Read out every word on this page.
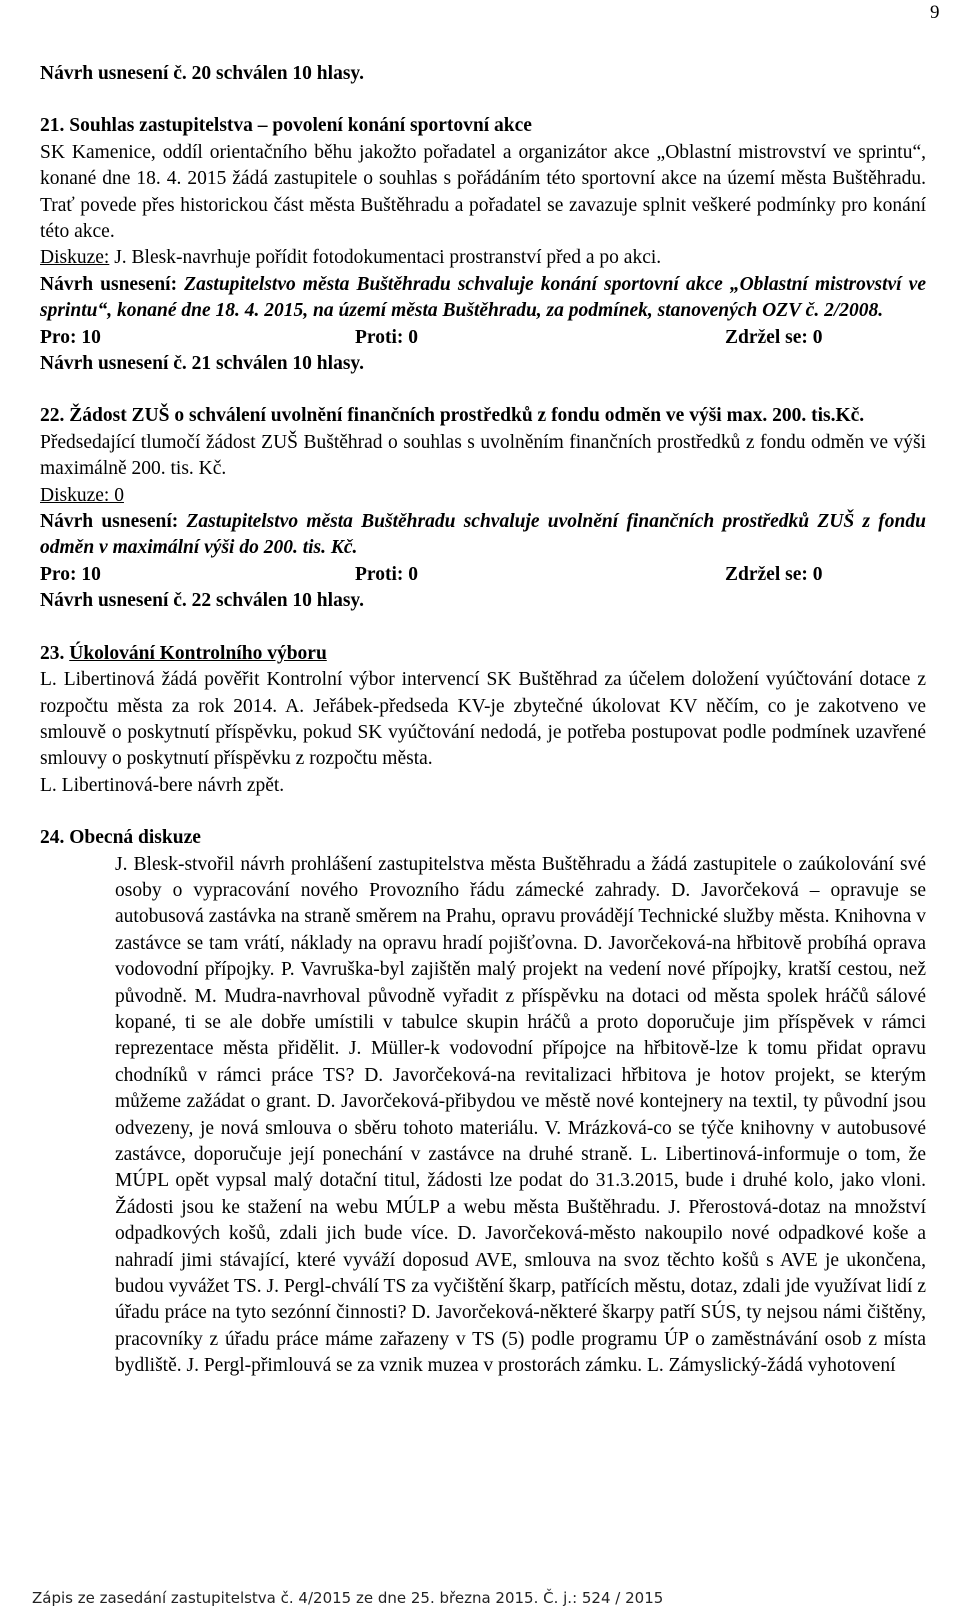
9

Návrh usnesení č. 20 schválen 10 hlasy.

21. Souhlas zastupitelstva – povolení konání sportovní akce

SK Kamenice, oddíl orientačního běhu jakožto pořadatel a organizátor akce „Oblastní mistrovství ve sprintu“, konané dne 18. 4. 2015 žádá zastupitele o souhlas s pořádáním této sportovní akce na území města Buštěhradu. Trať povede přes historickou část města Buštěhradu a pořadatel se zavazuje splnit veškeré podmínky pro konání této akce.

Diskuze: J. Blesk-navrhuje pořídit fotodokumentaci prostranství před a po akci.

Návrh usnesení: Zastupitelstvo města Buštěhradu schvaluje konání sportovní akce „Oblastní mistrovství ve sprintu“, konané dne 18. 4. 2015, na území města Buštěhradu, za podmínek, stanovených OZV č. 2/2008.

Pro: 10	Proti: 0	Zdržel se: 0

Návrh usnesení č. 21 schválen 10 hlasy.

22. Žádost ZUŠ o schválení uvolnění finančních prostředků z fondu odměn ve výši max. 200. tis.Kč.

Předsedající tlumočí žádost ZUŠ Buštěhrad o souhlas s uvolněním finančních prostředků z fondu odměn ve výši maximálně 200. tis. Kč.

Diskuze: 0

Návrh usnesení: Zastupitelstvo města Buštěhradu schvaluje uvolnění finančních prostředků ZUŠ z fondu odměn v maximální výši do 200. tis. Kč.

Pro: 10	Proti: 0	Zdržel se: 0

Návrh usnesení č. 22 schválen 10 hlasy.

23. Úkolování Kontrolního výboru

L. Libertinová žádá pověřit Kontrolní výbor intervencí SK Buštěhrad za účelem doložení vyúčtování dotace z rozpočtu města za rok 2014. A. Jeřábek-předseda KV-je zbytečné úkolovat KV něčím, co je zakotveno ve smlouvě o poskytnutí příspěvku, pokud SK vyúčtování nedodá, je potřeba postupovat podle podmínek uzavřené smlouvy o poskytnutí příspěvku z rozpočtu města.

L. Libertinová-bere návrh zpět.

24. Obecná diskuze

J. Blesk-stvořil návrh prohlášení zastupitelstva města Buštěhradu a žádá zastupitele o zaúkolování své osoby o vypracování nového Provozního řádu zámecké zahrady. D. Javorčeková – opravuje se autobusová zastávka na straně směrem na Prahu, opravu provádějí Technické služby města. Knihovna v zastávce se tam vrátí, náklady na opravu hradí pojišťovna. D. Javorčeková-na hřbitově probíhá oprava vodovodní přípojky. P. Vavruška-byl zajištěn malý projekt na vedení nové přípojky, kratší cestou, než původně. M. Mudra-navrhoval původně vyřadit z příspěvku na dotaci od města spolek hráčů sálové kopané, ti se ale dobře umístili v tabulce skupin hráčů a proto doporučuje jim příspěvek v rámci reprezentace města přidělit. J. Müller-k vodovodní přípojce na hřbitově-lze k tomu přidat opravu chodníků v rámci práce TS? D. Javorčeková-na revitalizaci hřbitova je hotov projekt, se kterým můžeme zažádat o grant. D. Javorčeková-přibydou ve městě nové kontejnery na textil, ty původní jsou odvezeny, je nová smlouva o sběru tohoto materiálu. V. Mrázková-co se týče knihovny v autobusové zastávce, doporučuje její ponechání v zastávce na druhé straně. L. Libertinová-informuje o tom, že MÚPL opět vypsal malý dotační titul, žádosti lze podat do 31.3.2015, bude i druhé kolo, jako vloni. Žádosti jsou ke stažení na webu MÚLP a webu města Buštěhradu. J. Přerostová-dotaz na množství odpadkových košů, zdali jich bude více. D. Javorčeková-město nakoupilo nové odpadkové koše a nahradí jimi stávající, které vyváží doposud AVE, smlouva na svoz těchto košů s AVE je ukončena, budou vyvážet TS. J. Pergl-chválí TS za vyčištění škarp, patřících městu, dotaz, zdali jde využívat lidí z úřadu práce na tyto sezónní činnosti? D. Javorčeková-některé škarpy patří SÚS, ty nejsou námi čištěny, pracovníky z úřadu práce máme zařazeny v TS (5) podle programu ÚP o zaměstnávání osob z místa bydliště. J. Pergl-přimlouvá se za vznik muzea v prostorách zámku. L. Zámyslický-žádá vyhotovení

Zápis ze zasedání zastupitelstva č. 4/2015 ze dne 25. března 2015. Č. j.: 524 / 2015
